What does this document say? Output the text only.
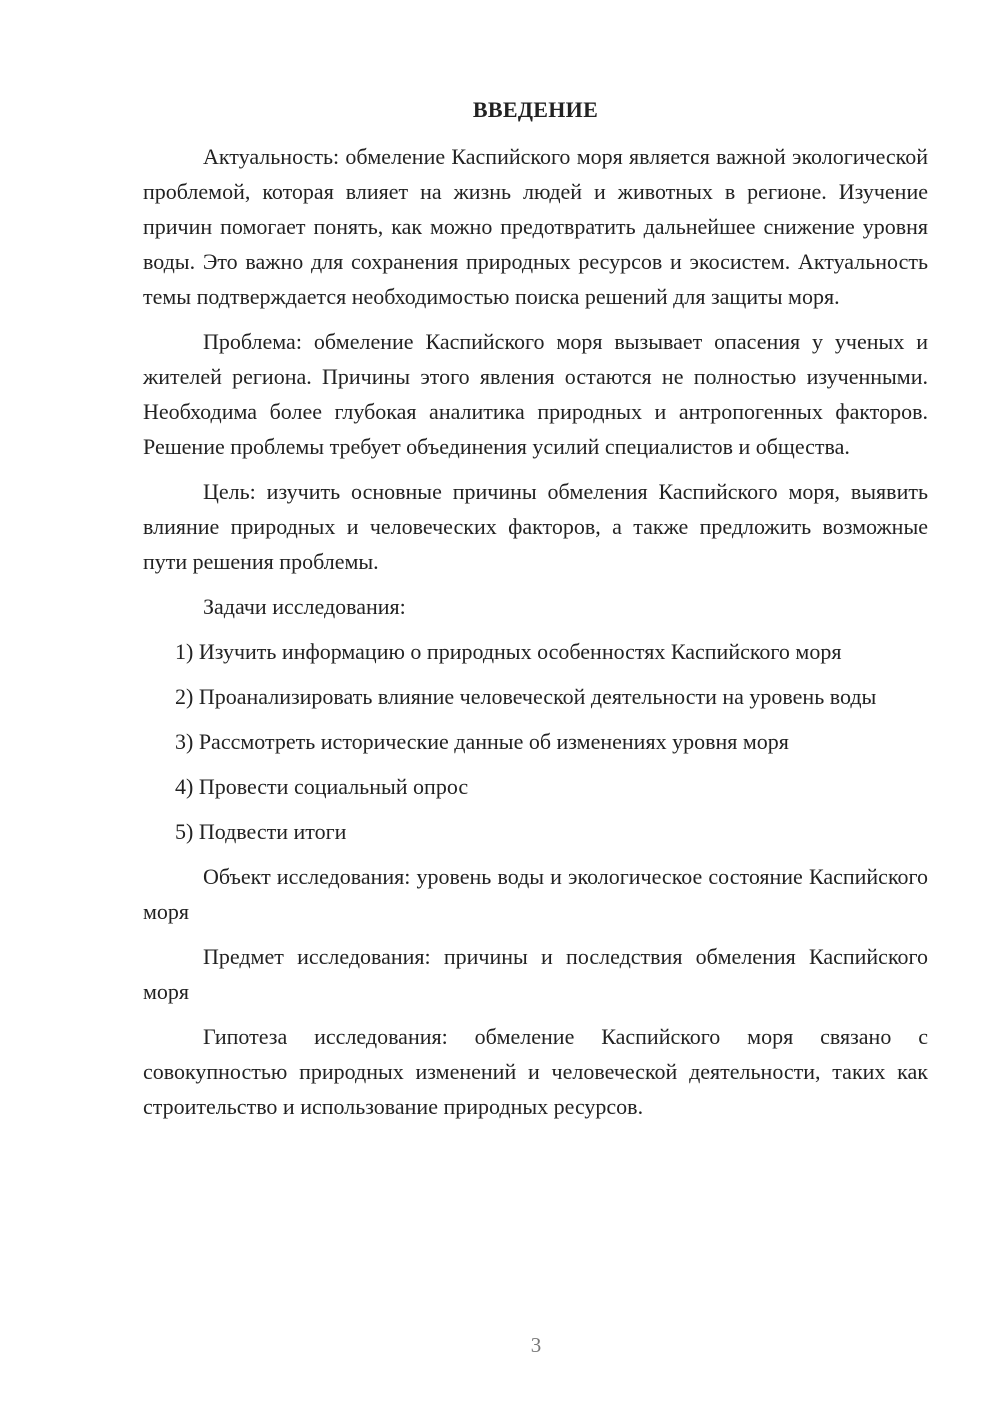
ВВЕДЕНИЕ

Актуальность: обмеление Каспийского моря является важной экологической проблемой, которая влияет на жизнь людей и животных в регионе. Изучение причин помогает понять, как можно предотвратить дальнейшее снижение уровня воды. Это важно для сохранения природных ресурсов и экосистем. Актуальность темы подтверждается необходимостью поиска решений для защиты моря.

Проблема: обмеление Каспийского моря вызывает опасения у ученых и жителей региона. Причины этого явления остаются не полностью изученными. Необходима более глубокая аналитика природных и антропогенных факторов. Решение проблемы требует объединения усилий специалистов и общества.

Цель: изучить основные причины обмеления Каспийского моря, выявить влияние природных и человеческих факторов, а также предложить возможные пути решения проблемы.

Задачи исследования:

1) Изучить информацию о природных особенностях Каспийского моря

2) Проанализировать влияние человеческой деятельности на уровень воды

3) Рассмотреть исторические данные об изменениях уровня моря

4) Провести социальный опрос

5) Подвести итоги

Объект исследования: уровень воды и экологическое состояние Каспийского моря

Предмет исследования: причины и последствия обмеления Каспийского моря

Гипотеза исследования: обмеление Каспийского моря связано с совокупностью природных изменений и человеческой деятельности, таких как строительство и использование природных ресурсов.

3
